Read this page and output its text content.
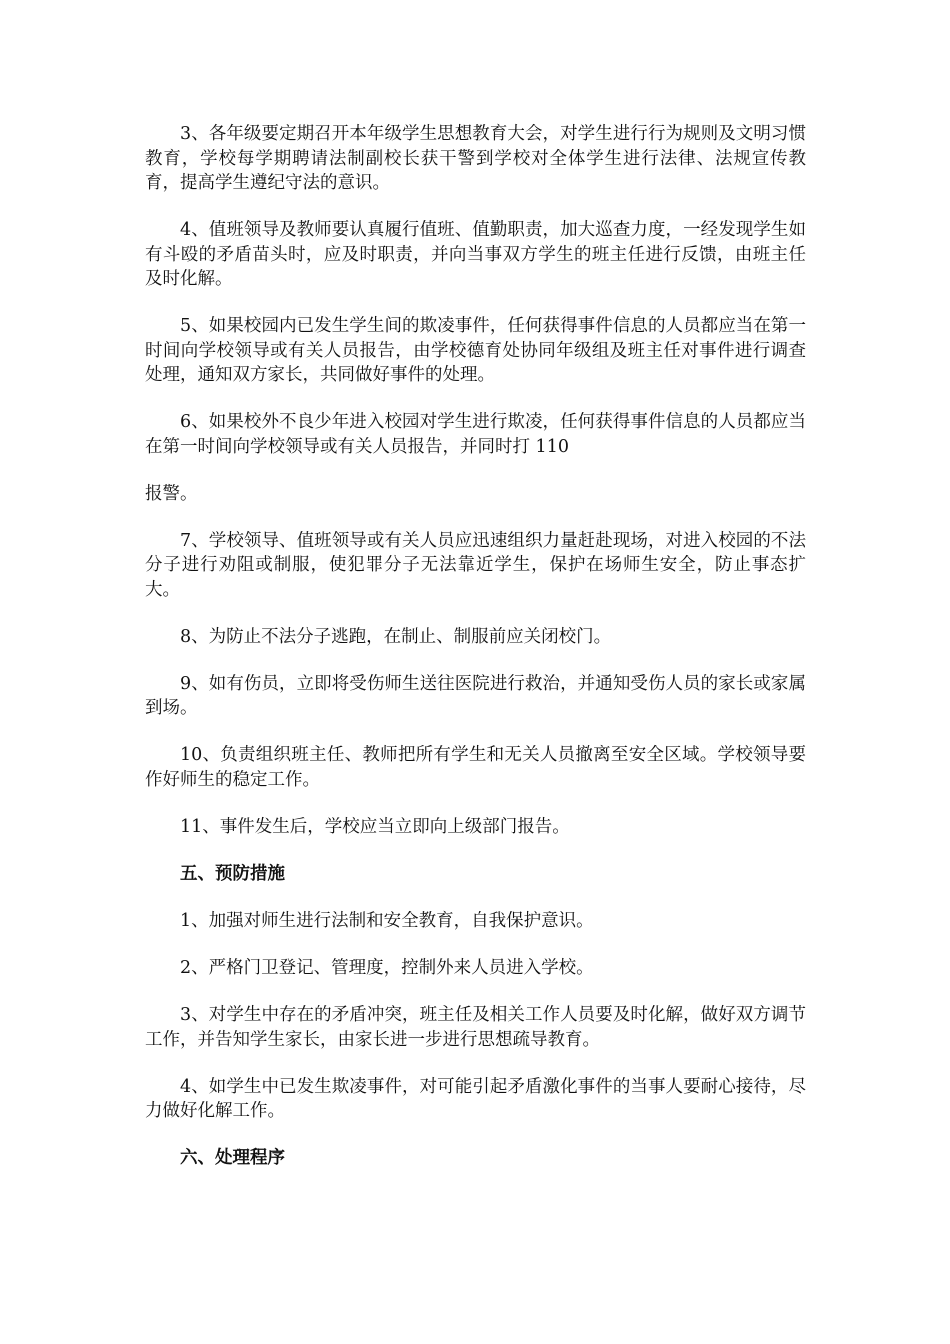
3、各年级要定期召开本年级学生思想教育大会，对学生进行行为规则及文明习惯教育，学校每学期聘请法制副校长获干警到学校对全体学生进行法律、法规宣传教育，提高学生遵纪守法的意识。

4、值班领导及教师要认真履行值班、值勤职责，加大巡查力度，一经发现学生如有斗殴的矛盾苗头时，应及时职责，并向当事双方学生的班主任进行反馈，由班主任及时化解。

5、如果校园内已发生学生间的欺凌事件，任何获得事件信息的人员都应当在第一时间向学校领导或有关人员报告，由学校德育处协同年级组及班主任对事件进行调查处理，通知双方家长，共同做好事件的处理。

6、如果校外不良少年进入校园对学生进行欺凌，任何获得事件信息的人员都应当在第一时间向学校领导或有关人员报告，并同时打 110

报警。

7、学校领导、值班领导或有关人员应迅速组织力量赶赴现场，对进入校园的不法分子进行劝阻或制服，使犯罪分子无法靠近学生，保护在场师生安全，防止事态扩大。

8、为防止不法分子逃跑，在制止、制服前应关闭校门。

9、如有伤员，立即将受伤师生送往医院进行救治，并通知受伤人员的家长或家属到场。

10、负责组织班主任、教师把所有学生和无关人员撤离至安全区域。学校领导要作好师生的稳定工作。

11、事件发生后，学校应当立即向上级部门报告。

五、预防措施

1、加强对师生进行法制和安全教育，自我保护意识。

2、严格门卫登记、管理度，控制外来人员进入学校。

3、对学生中存在的矛盾冲突，班主任及相关工作人员要及时化解，做好双方调节工作，并告知学生家长，由家长进一步进行思想疏导教育。

4、如学生中已发生欺凌事件，对可能引起矛盾激化事件的当事人要耐心接待，尽力做好化解工作。

六、处理程序
